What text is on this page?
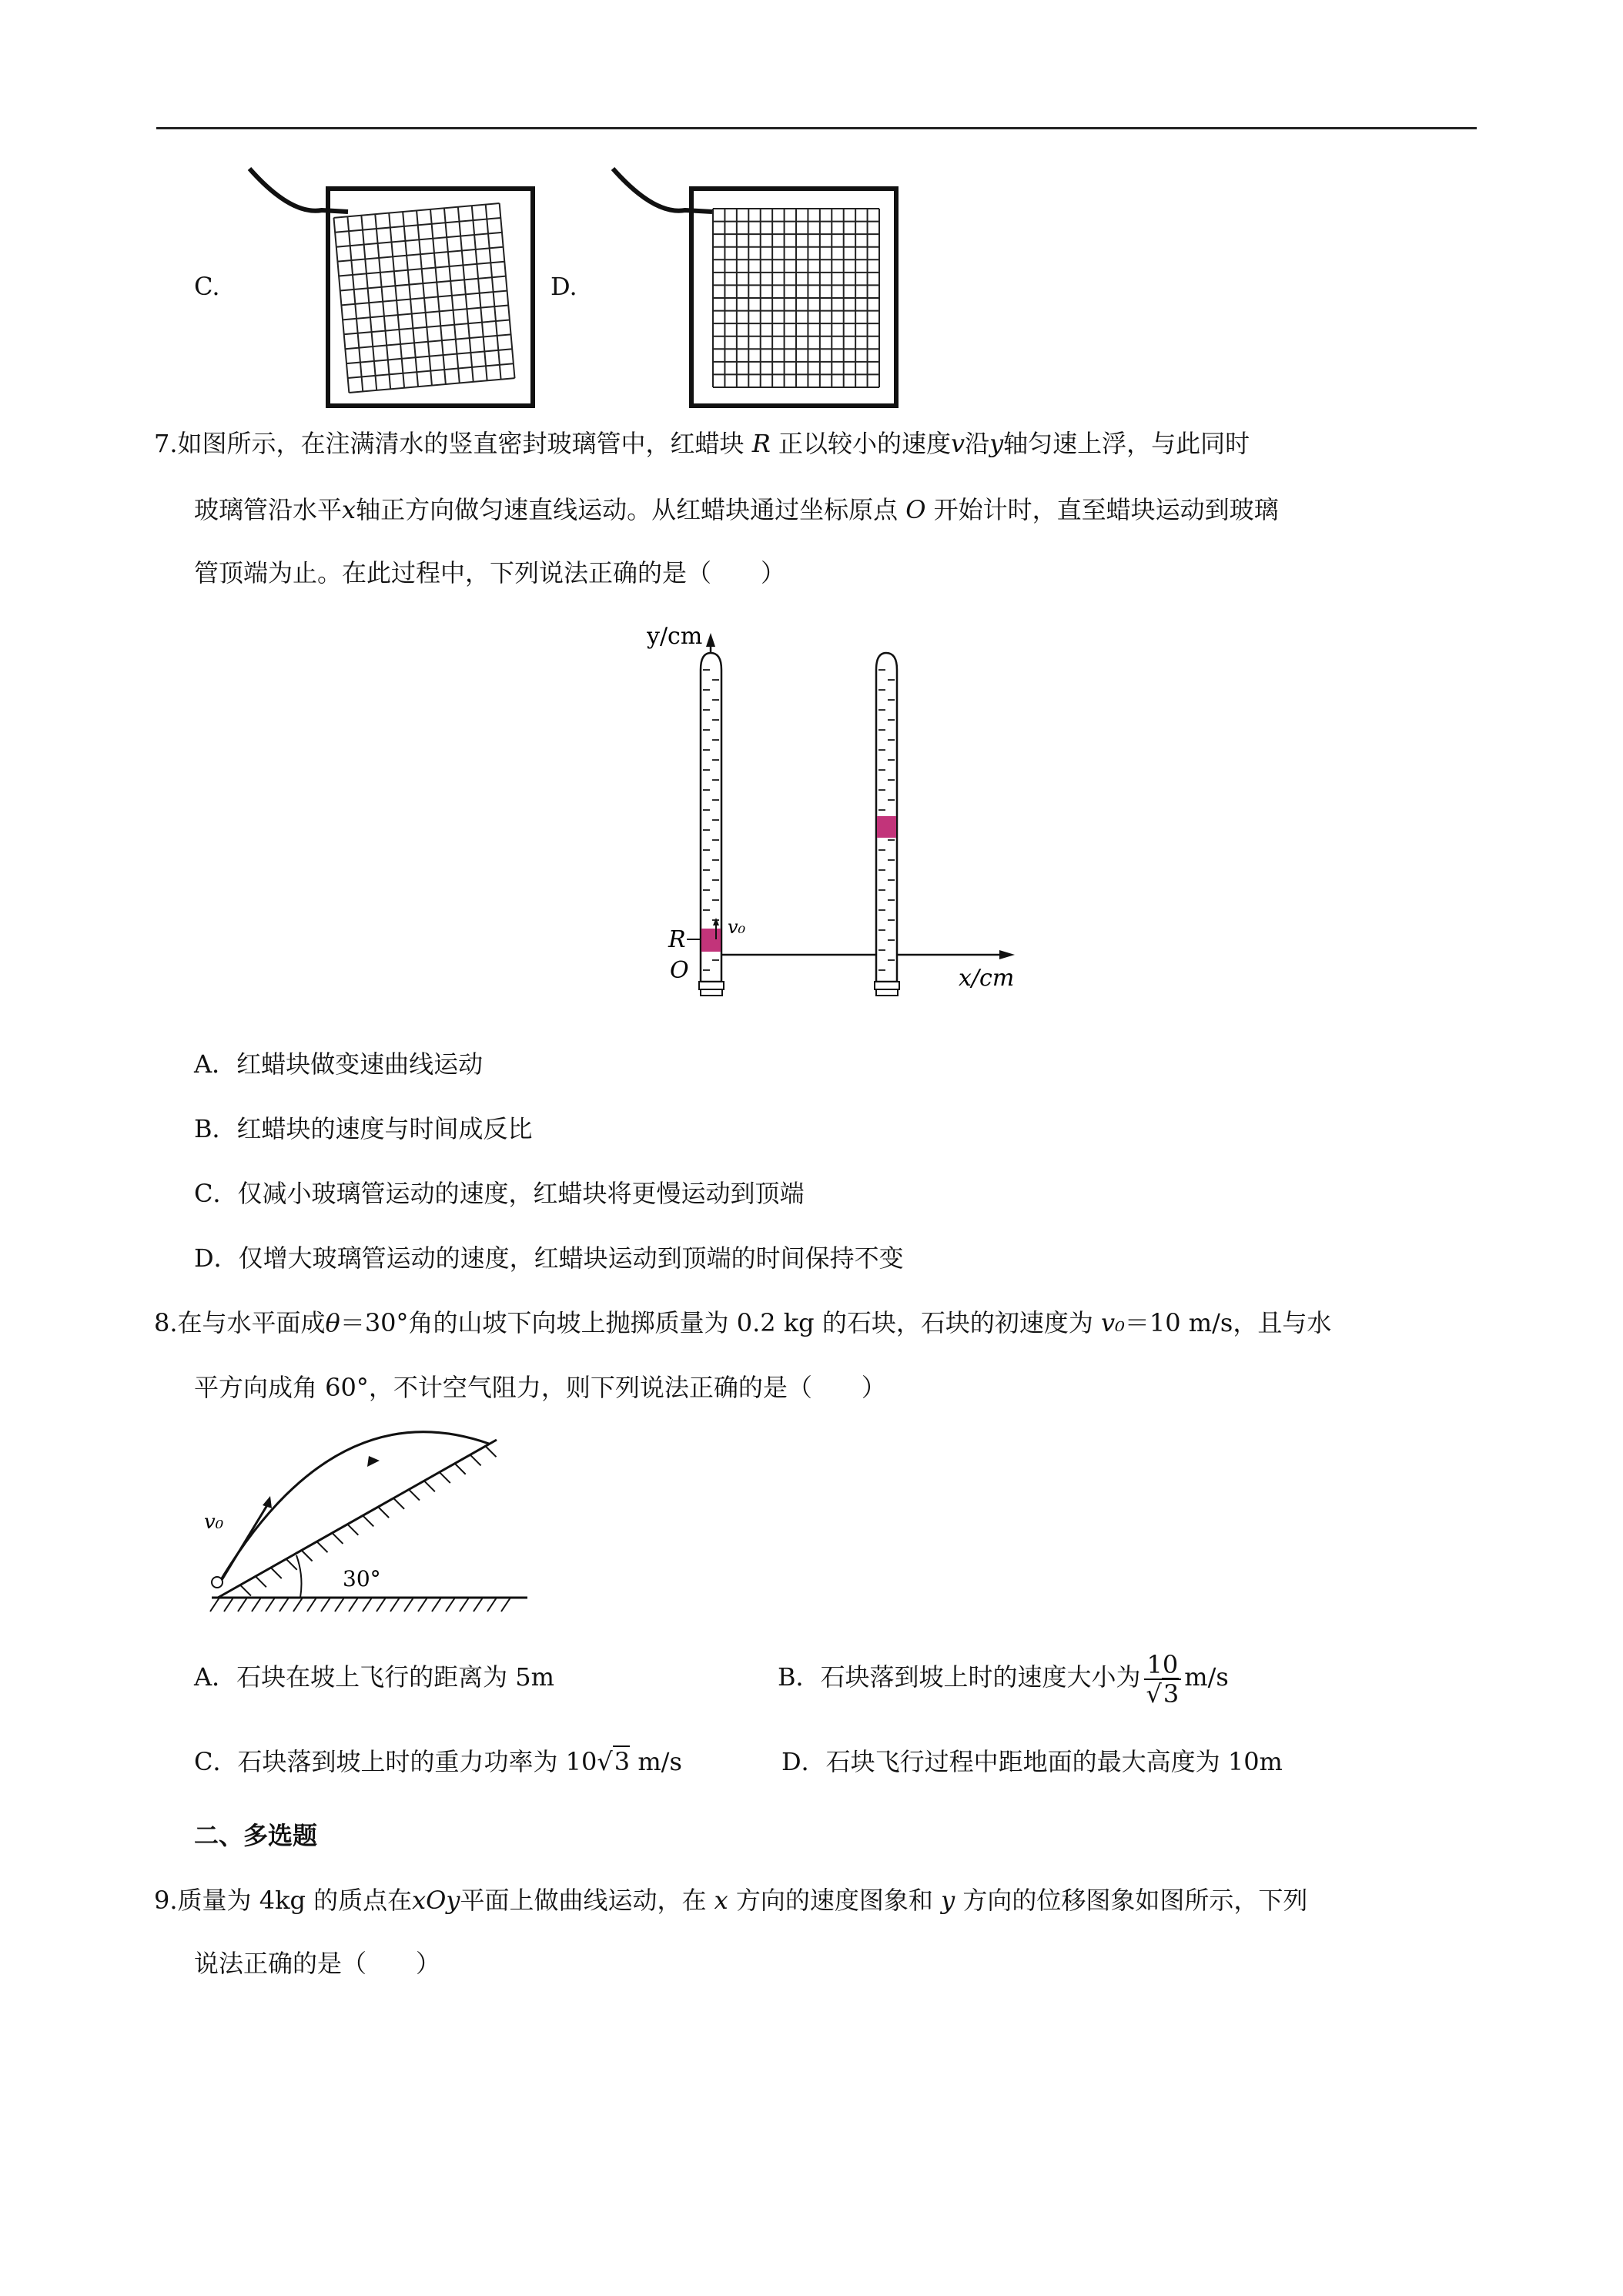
C.	D.
7.如图所示，在注满清水的竖直密封玻璃管中，红蜡块 R 正以较小的速度v沿y轴匀速上浮，与此同时
玻璃管沿水平x轴正方向做匀速直线运动。从红蜡块通过坐标原点 O 开始计时，直至蜡块运动到玻璃
管顶端为止。在此过程中，下列说法正确的是（　　）
y/cm
x/cm
R
O
v₀
A．红蜡块做变速曲线运动
B．红蜡块的速度与时间成反比
C．仅减小玻璃管运动的速度，红蜡块将更慢运动到顶端
D．仅增大玻璃管运动的速度，红蜡块运动到顶端的时间保持不变
8.在与水平面成θ＝30°角的山坡下向坡上抛掷质量为 0.2 kg 的石块，石块的初速度为 v₀＝10 m/s，且与水
平方向成角 60°，不计空气阻力，则下列说法正确的是（　　）
30°
v₀
A．石块在坡上飞行的距离为 5m	B．石块落到坡上时的速度大小为 $\frac{10}{√3} m/s$
C．石块落到坡上时的重力功率为 10√3 m/s	D．石块飞行过程中距地面的最大高度为 10m
二、多选题
9.质量为 4kg 的质点在xOy平面上做曲线运动，在 x 方向的速度图象和 y 方向的位移图象如图所示，下列
说法正确的是（　　）
